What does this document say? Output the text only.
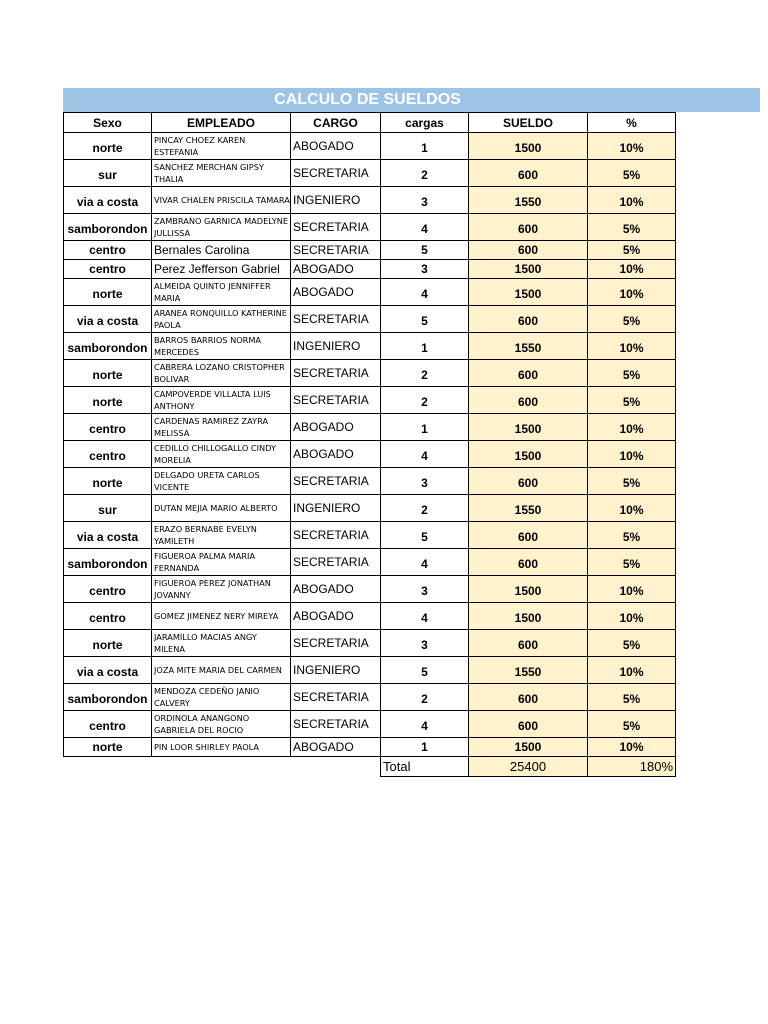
CALCULO DE SUELDOS
Sexo	EMPLEADO	CARGO	cargas	SUELDO	%

norte	PINCAY CHOEZ KAREN ESTEFANIA	ABOGADO	1	1500	10%

sur	SANCHEZ MERCHAN GIPSY THALIA	SECRETARIA	2	600	5%

via a costa	VIVAR CHALEN PRISCILA TAMARA	INGENIERO	3	1550	10%

samborondon	ZAMBRANO GARNICA MADELYNE JULLISSA	SECRETARIA	4	600	5%

centro	Bernales Carolina	SECRETARIA	5	600	5%
centro	Perez Jefferson Gabriel	ABOGADO	3	1500	10%

norte	ALMEIDA QUINTO JENNIFFER MARIA	ABOGADO	4	1500	10%

via a costa	ARANEA RONQUILLO KATHERINE PAOLA	SECRETARIA	5	600	5%

samborondon	BARROS BARRIOS NORMA MERCEDES	INGENIERO	1	1550	10%

norte	CABRERA LOZANO CRISTOPHER BOLIVAR	SECRETARIA	2	600	5%

norte	CAMPOVERDE VILLALTA LUIS ANTHONY	SECRETARIA	2	600	5%

centro	CARDENAS RAMIREZ ZAYRA MELISSA	ABOGADO	1	1500	10%

centro	CEDILLO CHILLOGALLO CINDY MORELIA	ABOGADO	4	1500	10%

norte	DELGADO URETA CARLOS VICENTE	SECRETARIA	3	600	5%

sur	DUTAN MEJIA MARIO ALBERTO	INGENIERO	2	1550	10%

via a costa	ERAZO BERNABE EVELYN YAMILETH	SECRETARIA	5	600	5%

samborondon	FIGUEROA PALMA MARIA FERNANDA	SECRETARIA	4	600	5%

centro	FIGUEROA PEREZ JONATHAN JOVANNY	ABOGADO	3	1500	10%

centro	GOMEZ JIMENEZ NERY MIREYA	ABOGADO	4	1500	10%

norte	JARAMILLO MACIAS ANGY MILENA	SECRETARIA	3	600	5%

via a costa	JOZA MITE MARIA DEL CARMEN	INGENIERO	5	1550	10%

samborondon	MENDOZA CEDEÑO JANIO CALVERY	SECRETARIA	2	600	5%

centro	ORDINOLA ANANGONO GABRIELA DEL ROCIO	SECRETARIA	4	600	5%

norte	PIN LOOR SHIRLEY PAOLA	ABOGADO	1	1500	10%
			Total	25400	180%
